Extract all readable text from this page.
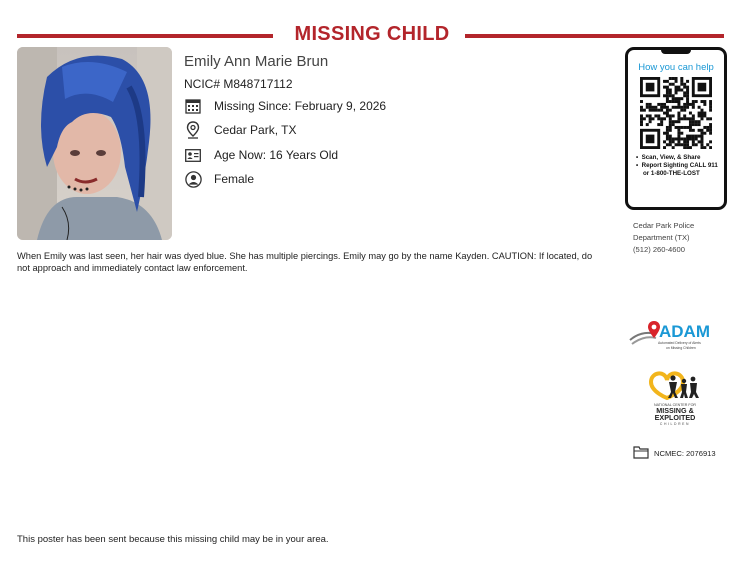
MISSING CHILD
Emily Ann Marie Brun
NCIC# M848717112
Missing Since: February 9, 2026
Cedar Park, TX
Age Now: 16 Years Old
Female
When Emily was last seen, her hair was dyed blue. She has multiple piercings. Emily may go by the name Kayden. CAUTION: If located, do not approach and immediately contact law enforcement.
How you can help
•  Scan, View, & Share
•  Report Sighting CALL 911 or 1-800-THE-LOST
Cedar Park Police
Department (TX)
(512) 260-4600
ADAM
Automated Delivery of Alerts
on Missing Children
NATIONAL CENTER FOR
MISSING &
EXPLOITED
CHILDREN
NCMEC: 2076913
This poster has been sent because this missing child may be in your area.
